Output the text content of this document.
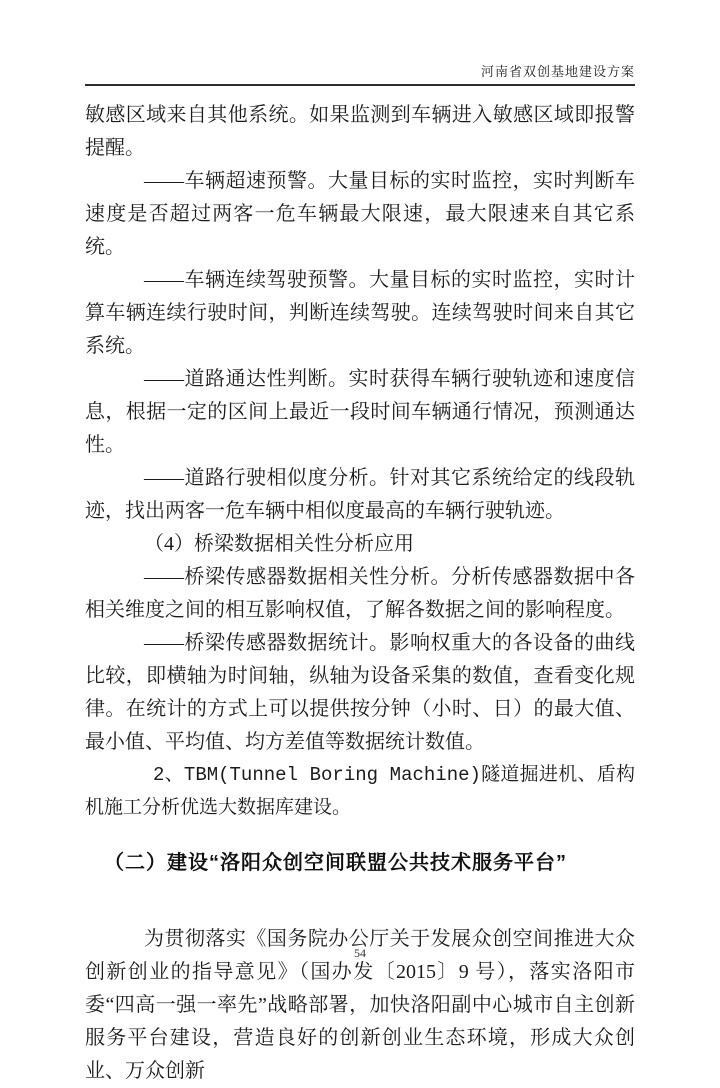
河南省双创基地建设方案

敏感区域来自其他系统。如果监测到车辆进入敏感区域即报警提醒。

——车辆超速预警。大量目标的实时监控，实时判断车速度是否超过两客一危车辆最大限速，最大限速来自其它系统。

——车辆连续驾驶预警。大量目标的实时监控，实时计算车辆连续行驶时间，判断连续驾驶。连续驾驶时间来自其它系统。

——道路通达性判断。实时获得车辆行驶轨迹和速度信息，根据一定的区间上最近一段时间车辆通行情况，预测通达性。

——道路行驶相似度分析。针对其它系统给定的线段轨迹，找出两客一危车辆中相似度最高的车辆行驶轨迹。

（4）桥梁数据相关性分析应用

——桥梁传感器数据相关性分析。分析传感器数据中各相关维度之间的相互影响权值，了解各数据之间的影响程度。

——桥梁传感器数据统计。影响权重大的各设备的曲线比较，即横轴为时间轴，纵轴为设备采集的数值，查看变化规律。在统计的方式上可以提供按分钟（小时、日）的最大值、最小值、平均值、均方差值等数据统计数值。

2、TBM(Tunnel Boring Machine)隧道掘进机、盾构机施工分析优选大数据库建设。

（二）建设“洛阳众创空间联盟公共技术服务平台”

为贯彻落实《国务院办公厅关于发展众创空间推进大众创新创业的指导意见》（国办发〔2015〕9 号），落实洛阳市委“四高一强一率先”战略部署，加快洛阳副中心城市自主创新服务平台建设，营造良好的创新创业生态环境，形成大众创业、万众创新

54
